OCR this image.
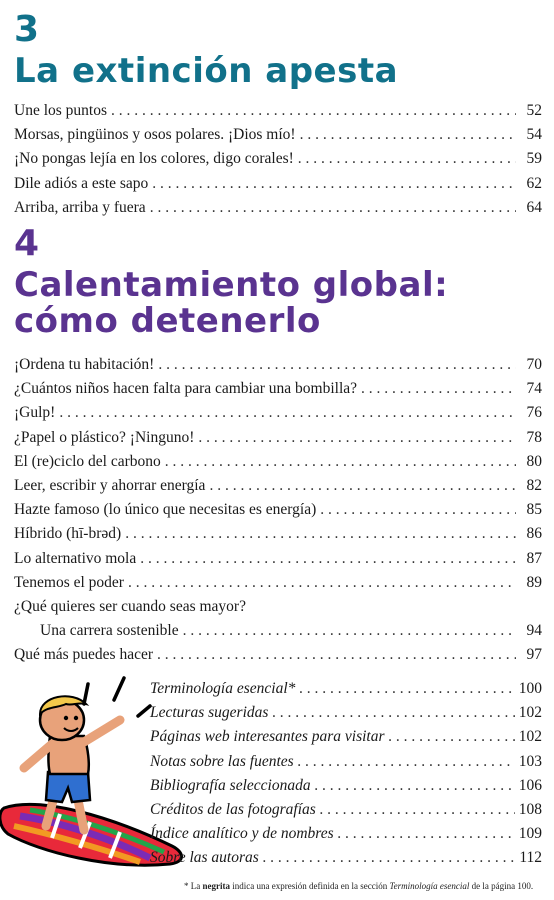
3
La extinción apesta
Une los puntos . . .	52
Morsas, pingüinos y osos polares. ¡Dios mío! . . .	54
¡No pongas lejía en los colores, digo corales! . . .	59
Dile adiós a este sapo . . .	62
Arriba, arriba y fuera . . .	64
4
Calentamiento global:
cómo detenerlo
¡Ordena tu habitación! . . .	70
¿Cuántos niños hacen falta para cambiar una bombilla? . . .	74
¡Gulp! . . .	76
¿Papel o plástico? ¡Ninguno! . . .	78
El (re)ciclo del carbono . . .	80
Leer, escribir y ahorrar energía . . .	82
Hazte famoso (lo único que necesitas es energía) . . .	85
Híbrido (hī-brəd) . . .	86
Lo alternativo mola . . .	87
Tenemos el poder . . .	89
¿Qué quieres ser cuando seas mayor?
Una carrera sostenible . . .	94
Qué más puedes hacer . . .	97
Terminología esencial* . . .	100
Lecturas sugeridas . . .	102
Páginas web interesantes para visitar . . .	102
Notas sobre las fuentes . . .	103
Bibliografía seleccionada . . .	106
Créditos de las fotografías . . .	108
Índice analítico y de nombres . . .	109
Sobre las autoras . . .	112
* La negrita indica una expresión definida en la sección Terminología esencial de la página 100.
